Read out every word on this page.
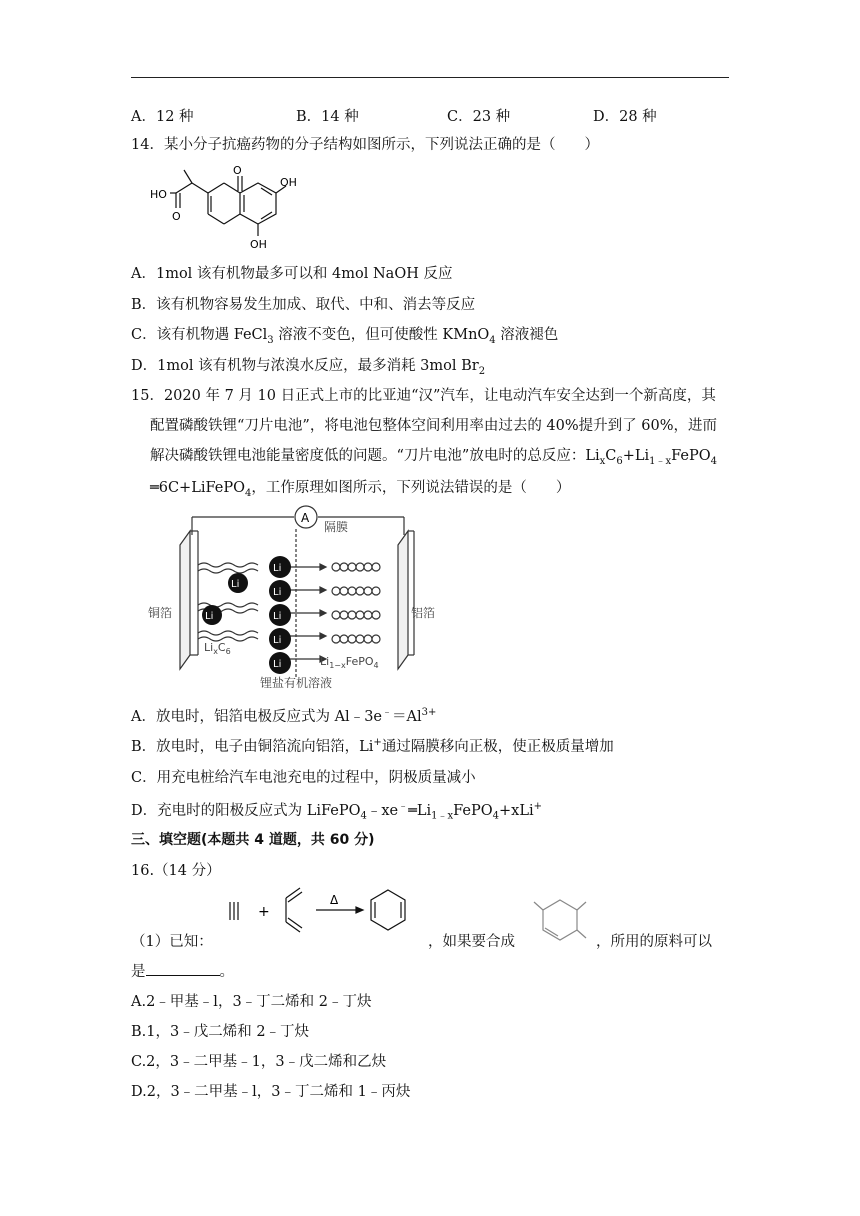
A．12 种	B．14 种	C．23 种	D．28 种
14．某小分子抗癌药物的分子结构如图所示，下列说法正确的是（　　）
O
OH
HO
O
OH
A．1mol 该有机物最多可以和 4mol NaOH 反应
B．该有机物容易发生加成、取代、中和、消去等反应
C．该有机物遇 FeCl$_3$ 溶液不变色，但可使酸性 KMnO$_4$ 溶液褪色
D．1mol 该有机物与浓溴水反应，最多消耗 3mol $Br_2$
15．2020 年 7 月 10 日正式上市的比亚迪“汉”汽车，让电动汽车安全达到一个新高度，其
配置磷酸铁锂“刀片电池”，将电池包整体空间利用率由过去的 40%提升到了 60%，进而
解决磷酸铁锂电池能量密度低的问题。“刀片电池”放电时的总反应：$Li_xC_6+Li_{1﹣x}FePO_4$
═6C+LiFePO$_4$，工作原理如图所示，下列说法错误的是（　　）
A
隔膜
铜箔	铝箔
Li
Li
Li
Li
Li
Li
Li
$Li_xC_6$
$Li_{1-x}FePO_4$
锂盐有机溶液
A．放电时，铝箔电极反应式为 $Al﹣3e^﹣=Al^{3+}$
B．放电时，电子由铜箔流向铝箔，Li+通过隔膜移向正极，使正极质量增加
C．用充电桩给汽车电池充电的过程中，阴极质量减小
D．充电时的阳极反应式为 $LiFePO_4﹣xe^﹣═Li_{1﹣x}FePO_4+xLi^+$
三、填空题(本题共 4 道题，共 60 分)
16.（14 分）
（1）已知：
+
Δ
，如果要合成	，所用的原料可以
是	。
A.2﹣甲基﹣l，3﹣丁二烯和 2﹣丁炔
B.1，3﹣戊二烯和 2﹣丁炔
C.2，3﹣二甲基﹣1，3﹣戊二烯和乙炔
D.2，3﹣二甲基﹣l，3﹣丁二烯和 1﹣丙炔
